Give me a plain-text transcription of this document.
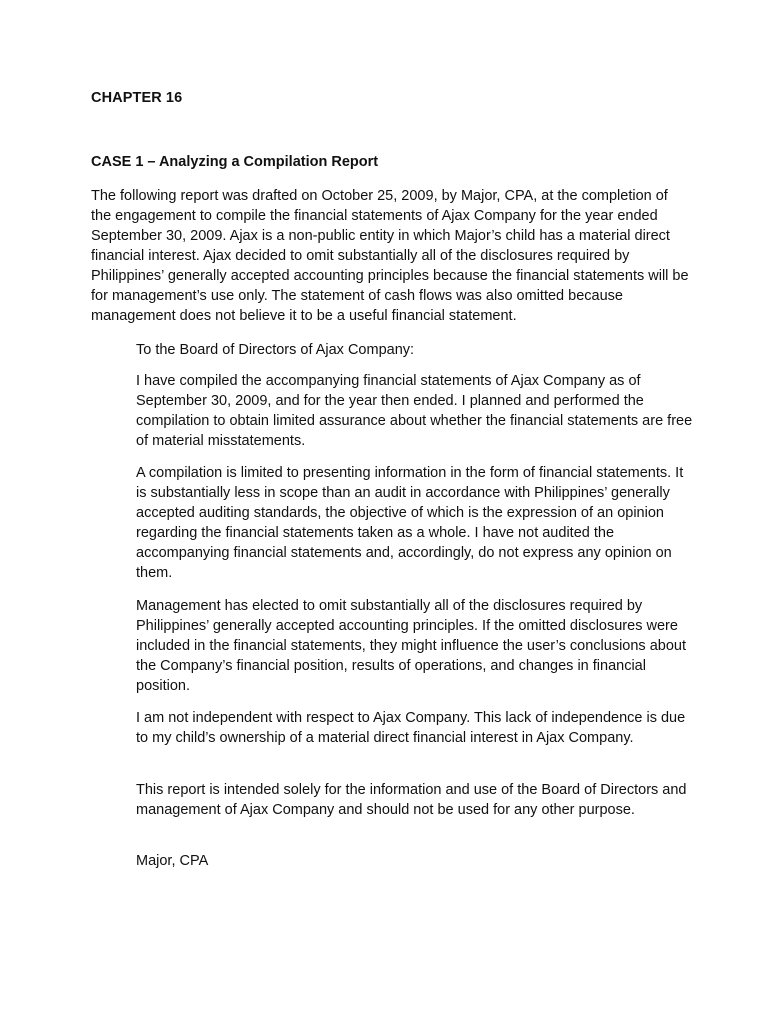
CHAPTER 16
CASE 1 – Analyzing a Compilation Report

The following report was drafted on October 25, 2009, by Major, CPA, at the completion of the engagement to compile the financial statements of Ajax Company for the year ended September 30, 2009. Ajax is a non-public entity in which Major’s child has a material direct financial interest. Ajax decided to omit substantially all of the disclosures required by Philippines’ generally accepted accounting principles because the financial statements will be for management’s use only. The statement of cash flows was also omitted because management does not believe it to be a useful financial statement.

To the Board of Directors of Ajax Company:

I have compiled the accompanying financial statements of Ajax Company as of September 30, 2009, and for the year then ended. I planned and performed the compilation to obtain limited assurance about whether the financial statements are free of material misstatements.

A compilation is limited to presenting information in the form of financial statements. It is substantially less in scope than an audit in accordance with Philippines’ generally accepted auditing standards, the objective of which is the expression of an opinion regarding the financial statements taken as a whole. I have not audited the accompanying financial statements and, accordingly, do not express any opinion on them.

Management has elected to omit substantially all of the disclosures required by Philippines’ generally accepted accounting principles. If the omitted disclosures were included in the financial statements, they might influence the user’s conclusions about the Company’s financial position, results of operations, and changes in financial position.

I am not independent with respect to Ajax Company. This lack of independence is due to my child’s ownership of a material direct financial interest in Ajax Company.

This report is intended solely for the information and use of the Board of Directors and management of Ajax Company and should not be used for any other purpose.

Major, CPA
